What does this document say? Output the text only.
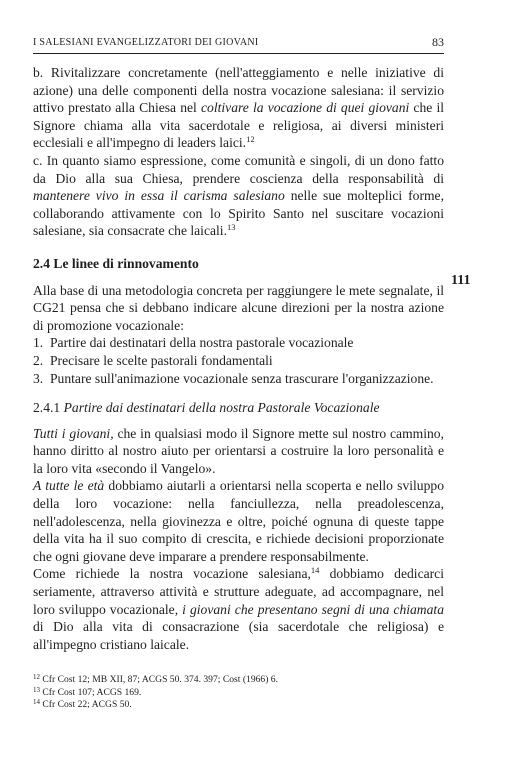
I SALESIANI EVANGELIZZATORI DEI GIOVANI	83

b. Rivitalizzare concretamente (nell'atteggiamento e nelle iniziative di azione) una delle componenti della nostra vocazione salesiana: il servizio attivo prestato alla Chiesa nel coltivare la vocazione di quei giovani che il Signore chiama alla vita sacerdotale e religiosa, ai diversi ministeri ecclesiali e all'impegno di leaders laici.$^{12}$

c. In quanto siamo espressione, come comunità e singoli, di un dono fatto da Dio alla sua Chiesa, prendere coscienza della responsabilità di mantenere vivo in essa il carisma salesiano nelle sue molteplici forme, collaborando attivamente con lo Spirito Santo nel suscitare vocazioni salesiane, sia consacrate che laicali.$^{13}$

2.4 Le linee di rinnovamento

Alla base di una metodologia concreta per raggiungere le mete segnalate, il CG21 pensa che si debbano indicare alcune direzioni per la nostra azione di promozione vocazionale:

1. Partire dai destinatari della nostra pastorale vocazionale
2. Precisare le scelte pastorali fondamentali
3. Puntare sull'animazione vocazionale senza trascurare l'organizzazione.

2.4.1 Partire dai destinatari della nostra Pastorale Vocazionale

Tutti i giovani, che in qualsiasi modo il Signore mette sul nostro cammino, hanno diritto al nostro aiuto per orientarsi a costruire la loro personalità e la loro vita «secondo il Vangelo».

A tutte le età dobbiamo aiutarli a orientarsi nella scoperta e nello sviluppo della loro vocazione: nella fanciullezza, nella preadolescenza, nell'adolescenza, nella giovinezza e oltre, poiché ognuna di queste tappe della vita ha il suo compito di crescita, e richiede decisioni proporzionate che ogni giovane deve imparare a prendere responsabilmente.

Come richiede la nostra vocazione salesiana,$^{14}$ dobbiamo dedicarci seriamente, attraverso attività e strutture adeguate, ad accompagnare, nel loro sviluppo vocazionale, i giovani che presentano segni di una chiamata di Dio alla vita di consacrazione (sia sacerdotale che religiosa) e all'impegno cristiano laicale.

111
$^{12}$ Cfr Cost 12; MB XII, 87; ACGS 50. 374. 397; Cost (1966) 6.
$^{13}$ Cfr Cost 107; ACGS 169.
$^{14}$ Cfr Cost 22; ACGS 50.
